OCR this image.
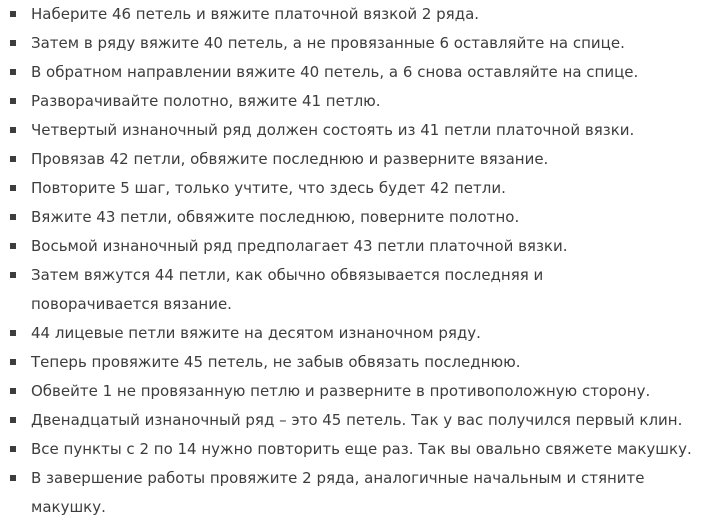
Наберите 46 петель и вяжите платочной вязкой 2 ряда.
Затем в ряду вяжите 40 петель, а не провязанные 6 оставляйте на спице.
В обратном направлении вяжите 40 петель, а 6 снова оставляйте на спице.
Разворачивайте полотно, вяжите 41 петлю.
Четвертый изнаночный ряд должен состоять из 41 петли платочной вязки.
Провязав 42 петли, обвяжите последнюю и разверните вязание.
Повторите 5 шаг, только учтите, что здесь будет 42 петли.
Вяжите 43 петли, обвяжите последнюю, поверните полотно.
Восьмой изнаночный ряд предполагает 43 петли платочной вязки.
Затем вяжутся 44 петли, как обычно обвязывается последняя и поворачивается вязание.
44 лицевые петли вяжите на десятом изнаночном ряду.
Теперь провяжите 45 петель, не забыв обвязать последнюю.
Обвейте 1 не провязанную петлю и разверните в противоположную сторону.
Двенадцатый изнаночный ряд – это 45 петель. Так у вас получился первый клин.
Все пункты с 2 по 14 нужно повторить еще раз. Так вы овально свяжете макушку.
В завершение работы провяжите 2 ряда, аналогичные начальным и стяните макушку.
